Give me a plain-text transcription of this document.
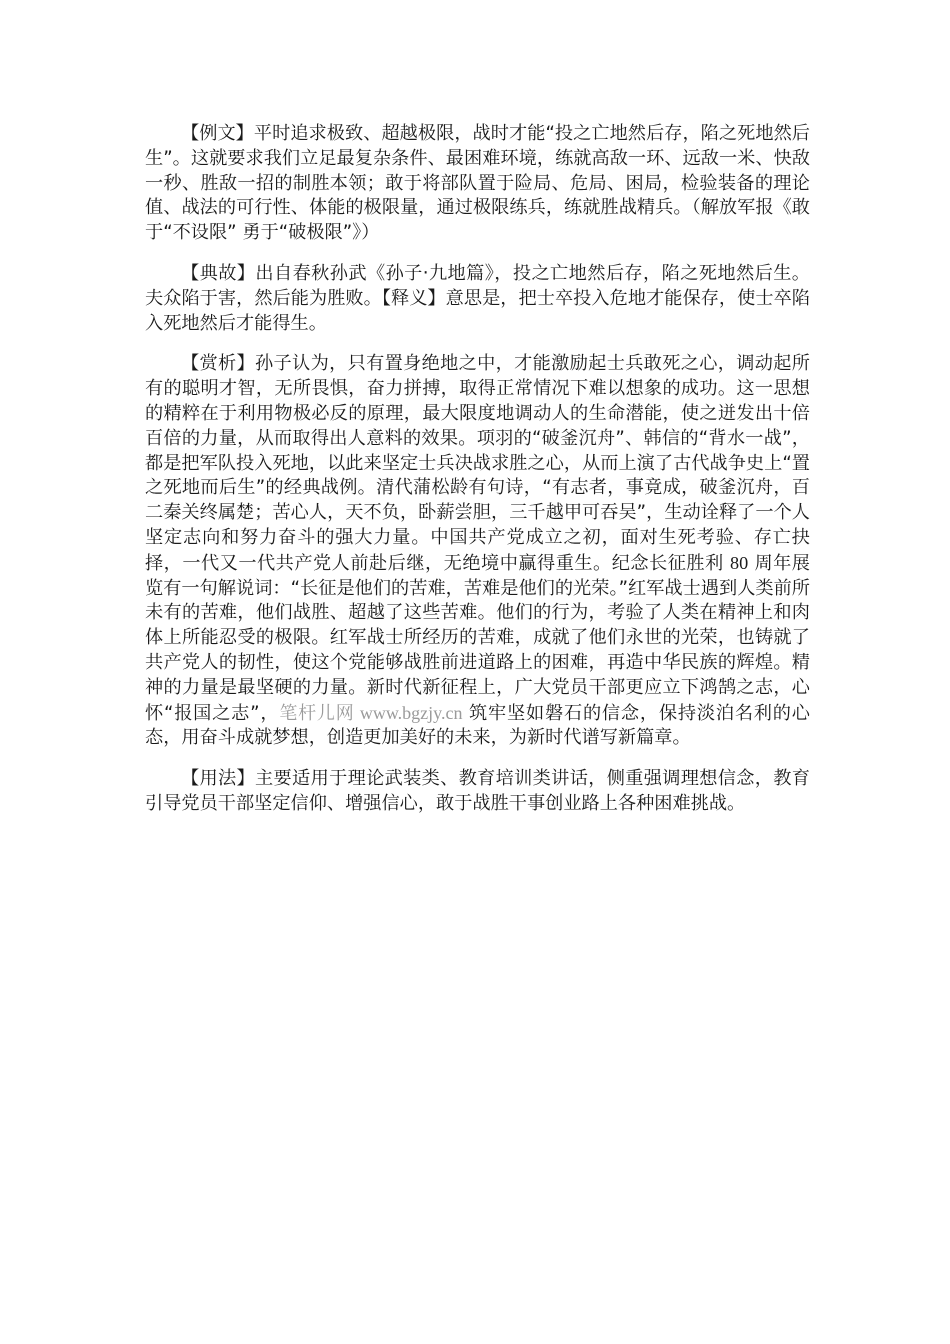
【例文】平时追求极致、超越极限，战时才能“投之亡地然后存，陷之死地然后生”。这就要求我们立足最复杂条件、最困难环境，练就高敌一环、远敌一米、快敌一秒、胜敌一招的制胜本领；敢于将部队置于险局、危局、困局，检验装备的理论值、战法的可行性、体能的极限量，通过极限练兵，练就胜战精兵。（解放军报《敢于“不设限” 勇于“破极限”》）

【典故】出自春秋孙武《孙子·九地篇》，投之亡地然后存，陷之死地然后生。夫众陷于害，然后能为胜败。【释义】意思是，把士卒投入危地才能保存，使士卒陷入死地然后才能得生。

【赏析】孙子认为，只有置身绝地之中，才能激励起士兵敢死之心，调动起所有的聪明才智，无所畏惧，奋力拼搏，取得正常情况下难以想象的成功。这一思想的精粹在于利用物极必反的原理，最大限度地调动人的生命潜能，使之迸发出十倍百倍的力量，从而取得出人意料的效果。项羽的“破釜沉舟”、韩信的“背水一战”，都是把军队投入死地，以此来坚定士兵决战求胜之心，从而上演了古代战争史上“置之死地而后生”的经典战例。清代蒲松龄有句诗，“有志者，事竟成，破釜沉舟，百二秦关终属楚；苦心人，天不负，卧薪尝胆，三千越甲可吞吴”，生动诠释了一个人坚定志向和努力奋斗的强大力量。中国共产党成立之初，面对生死考验、存亡抉择，一代又一代共产党人前赴后继，无绝境中赢得重生。纪念长征胜利 80 周年展览有一句解说词：“长征是他们的苦难，苦难是他们的光荣。”红军战士遇到人类前所未有的苦难，他们战胜、超越了这些苦难。他们的行为，考验了人类在精神上和肉体上所能忍受的极限。红军战士所经历的苦难，成就了他们永世的光荣，也铸就了共产党人的韧性，使这个党能够战胜前进道路上的困难，再造中华民族的辉煌。精神的力量是最坚硬的力量。新时代新征程上，广大党员干部更应立下鸿鹄之志，心怀“报国之志”，笔杆儿网 www.bgzjy.cn 筑牢坚如磐石的信念，保持淡泊名利的心态，用奋斗成就梦想，创造更加美好的未来，为新时代谱写新篇章。

【用法】主要适用于理论武装类、教育培训类讲话，侧重强调理想信念，教育引导党员干部坚定信仰、增强信心，敢于战胜干事创业路上各种困难挑战。
